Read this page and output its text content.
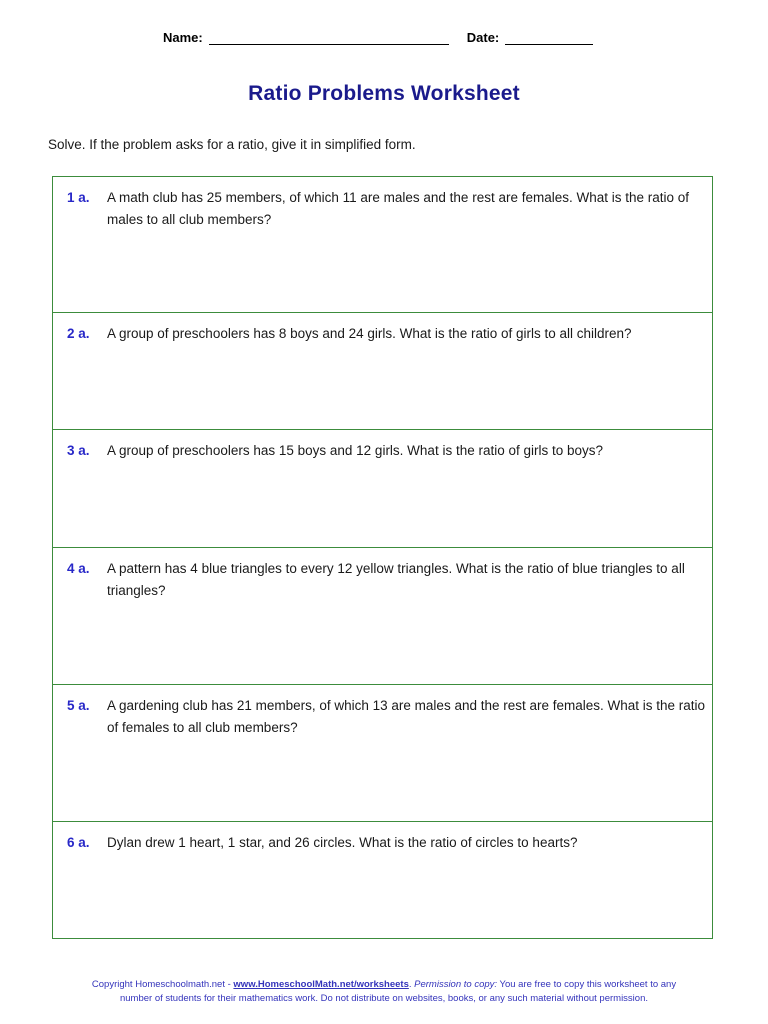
Name:	Date:
Ratio Problems Worksheet
Solve. If the problem asks for a ratio, give it in simplified form.
1 a.	A math club has 25 members, of which 11 are males and the rest are females. What is the ratio of males to all club members?
2 a.	A group of preschoolers has 8 boys and 24 girls. What is the ratio of girls to all children?
3 a.	A group of preschoolers has 15 boys and 12 girls. What is the ratio of girls to boys?
4 a.	A pattern has 4 blue triangles to every 12 yellow triangles. What is the ratio of blue triangles to all triangles?
5 a.	A gardening club has 21 members, of which 13 are males and the rest are females. What is the ratio of females to all club members?
6 a.	Dylan drew 1 heart, 1 star, and 26 circles. What is the ratio of circles to hearts?
Copyright Homeschoolmath.net - www.HomeschoolMath.net/worksheets. Permission to copy: You are free to copy this worksheet to any
number of students for their mathematics work. Do not distribute on websites, books, or any such material without permission.
